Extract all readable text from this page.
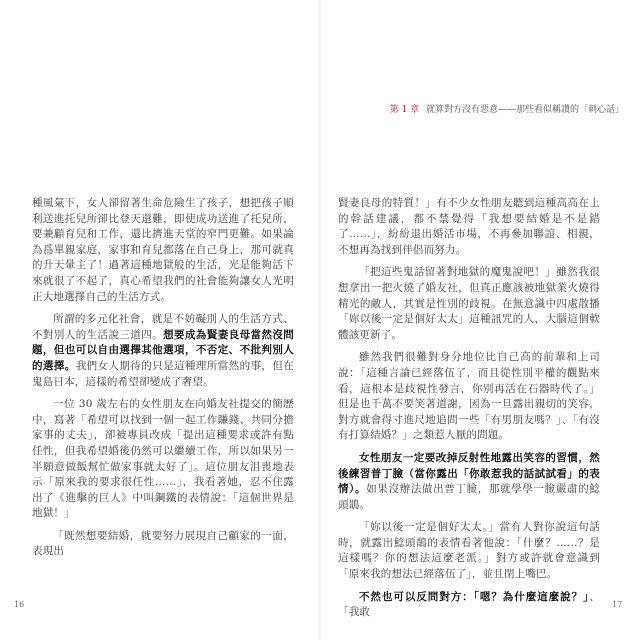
第 1 章 就算對方沒有惡意——那些看似稱讚的「刺心話」

種風氣下，女人卻留著生命危險生了孩子，想把孩子順利送進托兒所卻比登天還難，即使成功送進了托兒所，要兼顧育兒和工作，還比擠進天堂的窄門更難。如果論為爲單親家庭，家事和育兒都落在自己身上，那可就真的升天暈主了！過著這種地獄般的生活，光是能夠活下來就很了不起了，真心希望我們的社會能夠讓女人光明正大地選擇自己的生活方式。

所謂的多元化社會，就是不妨礙別人的生活方式、不對別人的生活說三道四。想要成為賢妻良母當然沒問題，但也可以自由選擇其他選項，不否定、不批判別人的選擇。我們女人期待的只是這種理所當然的事，但在鬼島日本，這樣的希望卻變成了奢望。

一位 30 歲左右的女性朋友在向婚友社提交的簡歷中，寫著「希望可以找到一個一起工作賺錢、共同分擔家事的丈夫」，卻被專員改成「提出這種要求或許有點任性，但我希望婚後仍然可以繼續工作，所以如果另一半願意做飯幫忙做家事就太好了」。這位朋友沮喪地表示「原來我的要求很任性……」，我看著她，忍不住露出了《進擊的巨人》中叫鋼鐵的表情說：「這個世界是地獄！」

「既然想要結婚，就要努力展現自己顧家的一面，表現出

賢妻良母的特質！」有不少女性朋友聽到這種高高在上的幹話建議，都不禁覺得「我想要結婚是不是錯了……」，紛紛退出婚活市場，不再參加聯誼、相親，不想再為找到伴侶而努力。

「把這些鬼話留著對地獄的魔鬼說吧！」雖然我很想拿出一把火燒了婚友社，但真正應該被地獄業火燒得精光的敵人，其實是性別的歧視。在無意識中四處散播「妳以後一定是個好太太」這種訊咒的人，大腦這個軟體該更新了。

雖然我們很難對身分地位比自己高的前輩和上司說：「這種言論已經落伍了，而且從性別平權的觀點來看，這根本是歧視性發言，你別再活在石器時代了。」但是也千萬不要笑著道謝，因為一旦露出親切的笑容，對方就會得寸進尺地追問一些「有男朋友嗎？」、「有沒有打算結婚？」之類惹人厭的問題。

女性朋友一定要改掉反射性地露出笑容的習慣，然後練習普丁臉（當你露出「你敢惹我的話試試看」的表情）。如果沒辦法做出普丁臉，那就學學一臉嚴肅的鯰頭鵲。

「妳以後一定是個好太太。」當有人對你說這句話時，就露出鯰頭鵲的表情看著他說：「什麼？……？是這樣嗎？你的想法這麼老派。」對方或許就會意識到「原來我的想法已經落伍了」，並且閉上嘴巴。

不然也可以反問對方：「嗯？為什麼這麼說？」、「我敢

16	17
